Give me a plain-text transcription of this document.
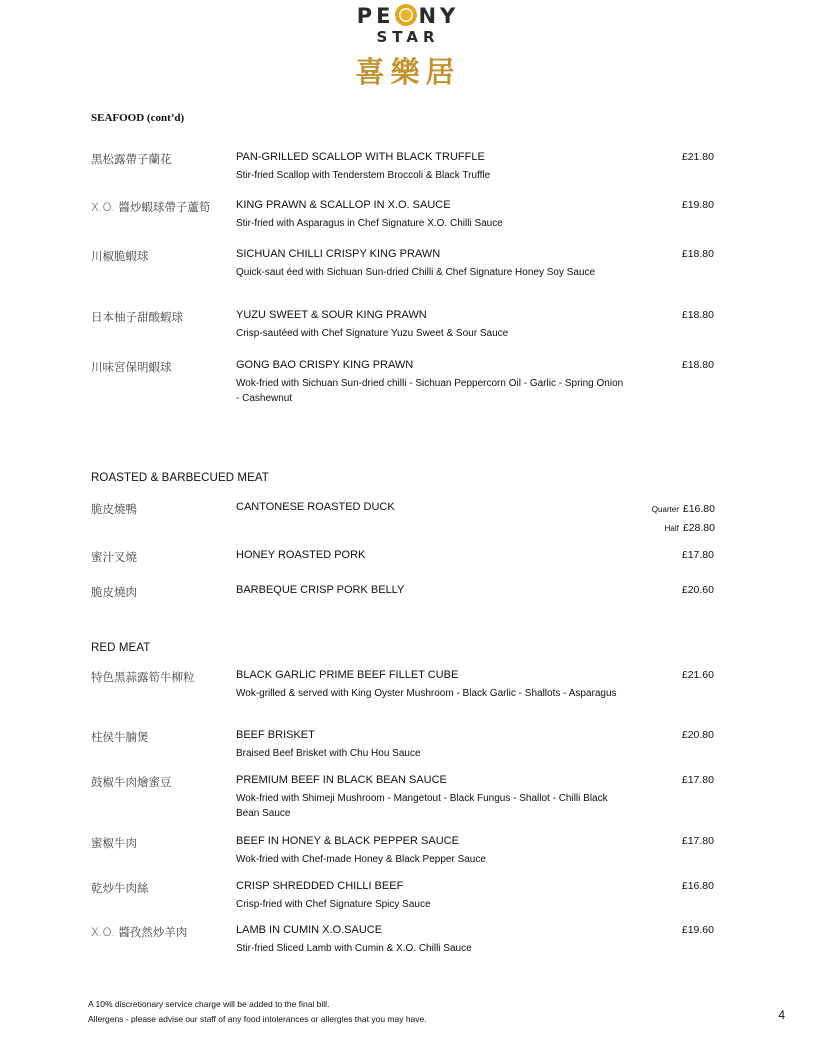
PE NY
STAR
喜樂居
SEAFOOD (cont’d)
黑松露帶子蘭花	PAN-GRILLED SCALLOP WITH BLACK TRUFFLE
Stir-fried Scallop with Tenderstem Broccoli & Black Truffle
£21.80
X.O. 醬炒蝦球帶子蘆筍 KING PRAWN & SCALLOP IN X.O. SAUCE
Stir-fried with Asparagus in Chef Signature X.O. Chilli Sauce
£19.80
川椒脆蝦球	SICHUAN CHILLI CRISPY KING PRAWN
Quick-saut éed with Sichuan Sun-dried Chilli & Chef Signature Honey Soy Sauce
£18.80
日本柚子甜酸蝦球	YUZU SWEET & SOUR KING PRAWN
Crisp-sautéed with Chef Signature Yuzu Sweet & Sour Sauce
£18.80
川味宮保明蝦球	GONG BAO CRISPY KING PRAWN
Wok-fried with Sichuan Sun-dried chilli - Sichuan Peppercorn Oil - Garlic - Spring Onion - Cashewnut
£18.80
ROASTED & BARBECUED MEAT
脆皮燒鴨	CANTONESE ROASTED DUCK	Quarter £16.80
Half £28.80
蜜汁叉燒	HONEY ROASTED PORK	£17.80
脆皮燒肉	BARBEQUE CRISP PORK BELLY	£20.60
RED MEAT
特色黑蒜露筍牛柳粒	BLACK GARLIC PRIME BEEF FILLET CUBE
Wok-grilled & served with King Oyster Mushroom - Black Garlic - Shallots - Asparagus
£21.60
柱侯牛腩煲	BEEF BRISKET
Braised Beef Brisket with Chu Hou Sauce
£20.80
鼓椒牛肉燴蜜豆	PREMIUM BEEF IN BLACK BEAN SAUCE
Wok-fried with Shimeji Mushroom - Mangetout - Black Fungus - Shallot - Chilli Black Bean Sauce
£17.80
蜜椒牛肉	BEEF IN HONEY & BLACK PEPPER SAUCE
Wok-fried with Chef-made Honey & Black Pepper Sauce
£17.80
乾炒牛肉絲	CRISP SHREDDED CHILLI BEEF
Crisp-fried with Chef Signature Spicy Sauce
£16.80
X.O. 醬孜然炒羊肉	LAMB IN CUMIN X.O.SAUCE
Stir-fried Sliced Lamb with Cumin & X.O. Chilli Sauce
£19.60
A 10% discretionary service charge will be added to the final bill.
Allergens - please advise our staff of any food intolerances or allergies that you may have.	4
